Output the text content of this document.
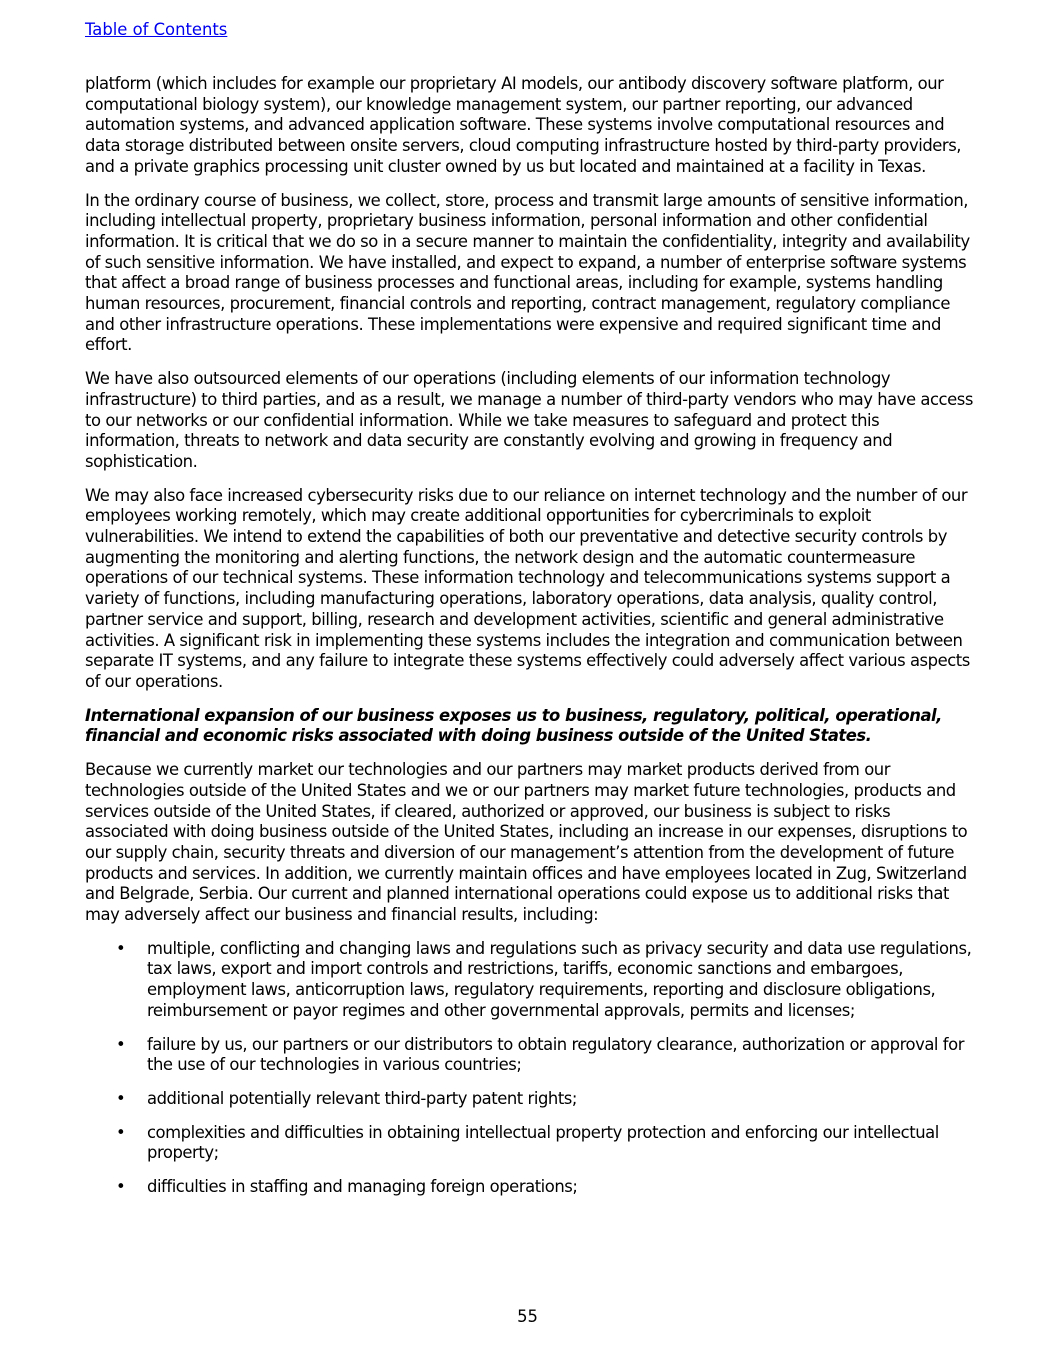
Table of Contents

platform (which includes for example our proprietary AI models, our antibody discovery software platform, our computational biology system), our knowledge management system, our partner reporting, our advanced automation systems, and advanced application software. These systems involve computational resources and data storage distributed between onsite servers, cloud computing infrastructure hosted by third-party providers, and a private graphics processing unit cluster owned by us but located and maintained at a facility in Texas.

In the ordinary course of business, we collect, store, process and transmit large amounts of sensitive information, including intellectual property, proprietary business information, personal information and other confidential information. It is critical that we do so in a secure manner to maintain the confidentiality, integrity and availability of such sensitive information. We have installed, and expect to expand, a number of enterprise software systems that affect a broad range of business processes and functional areas, including for example, systems handling human resources, procurement, financial controls and reporting, contract management, regulatory compliance and other infrastructure operations. These implementations were expensive and required significant time and effort.

We have also outsourced elements of our operations (including elements of our information technology infrastructure) to third parties, and as a result, we manage a number of third-party vendors who may have access to our networks or our confidential information. While we take measures to safeguard and protect this information, threats to network and data security are constantly evolving and growing in frequency and sophistication.

We may also face increased cybersecurity risks due to our reliance on internet technology and the number of our employees working remotely, which may create additional opportunities for cybercriminals to exploit vulnerabilities. We intend to extend the capabilities of both our preventative and detective security controls by augmenting the monitoring and alerting functions, the network design and the automatic countermeasure operations of our technical systems. These information technology and telecommunications systems support a variety of functions, including manufacturing operations, laboratory operations, data analysis, quality control, partner service and support, billing, research and development activities, scientific and general administrative activities. A significant risk in implementing these systems includes the integration and communication between separate IT systems, and any failure to integrate these systems effectively could adversely affect various aspects of our operations.

International expansion of our business exposes us to business, regulatory, political, operational, financial and economic risks associated with doing business outside of the United States.

Because we currently market our technologies and our partners may market products derived from our technologies outside of the United States and we or our partners may market future technologies, products and services outside of the United States, if cleared, authorized or approved, our business is subject to risks associated with doing business outside of the United States, including an increase in our expenses, disruptions to our supply chain, security threats and diversion of our management’s attention from the development of future products and services. In addition, we currently maintain offices and have employees located in Zug, Switzerland and Belgrade, Serbia. Our current and planned international operations could expose us to additional risks that may adversely affect our business and financial results, including:

• multiple, conflicting and changing laws and regulations such as privacy security and data use regulations, tax laws, export and import controls and restrictions, tariffs, economic sanctions and embargoes, employment laws, anticorruption laws, regulatory requirements, reporting and disclosure obligations, reimbursement or payor regimes and other governmental approvals, permits and licenses;
• failure by us, our partners or our distributors to obtain regulatory clearance, authorization or approval for the use of our technologies in various countries;
• additional potentially relevant third-party patent rights;
• complexities and difficulties in obtaining intellectual property protection and enforcing our intellectual property;
• difficulties in staffing and managing foreign operations;
55
